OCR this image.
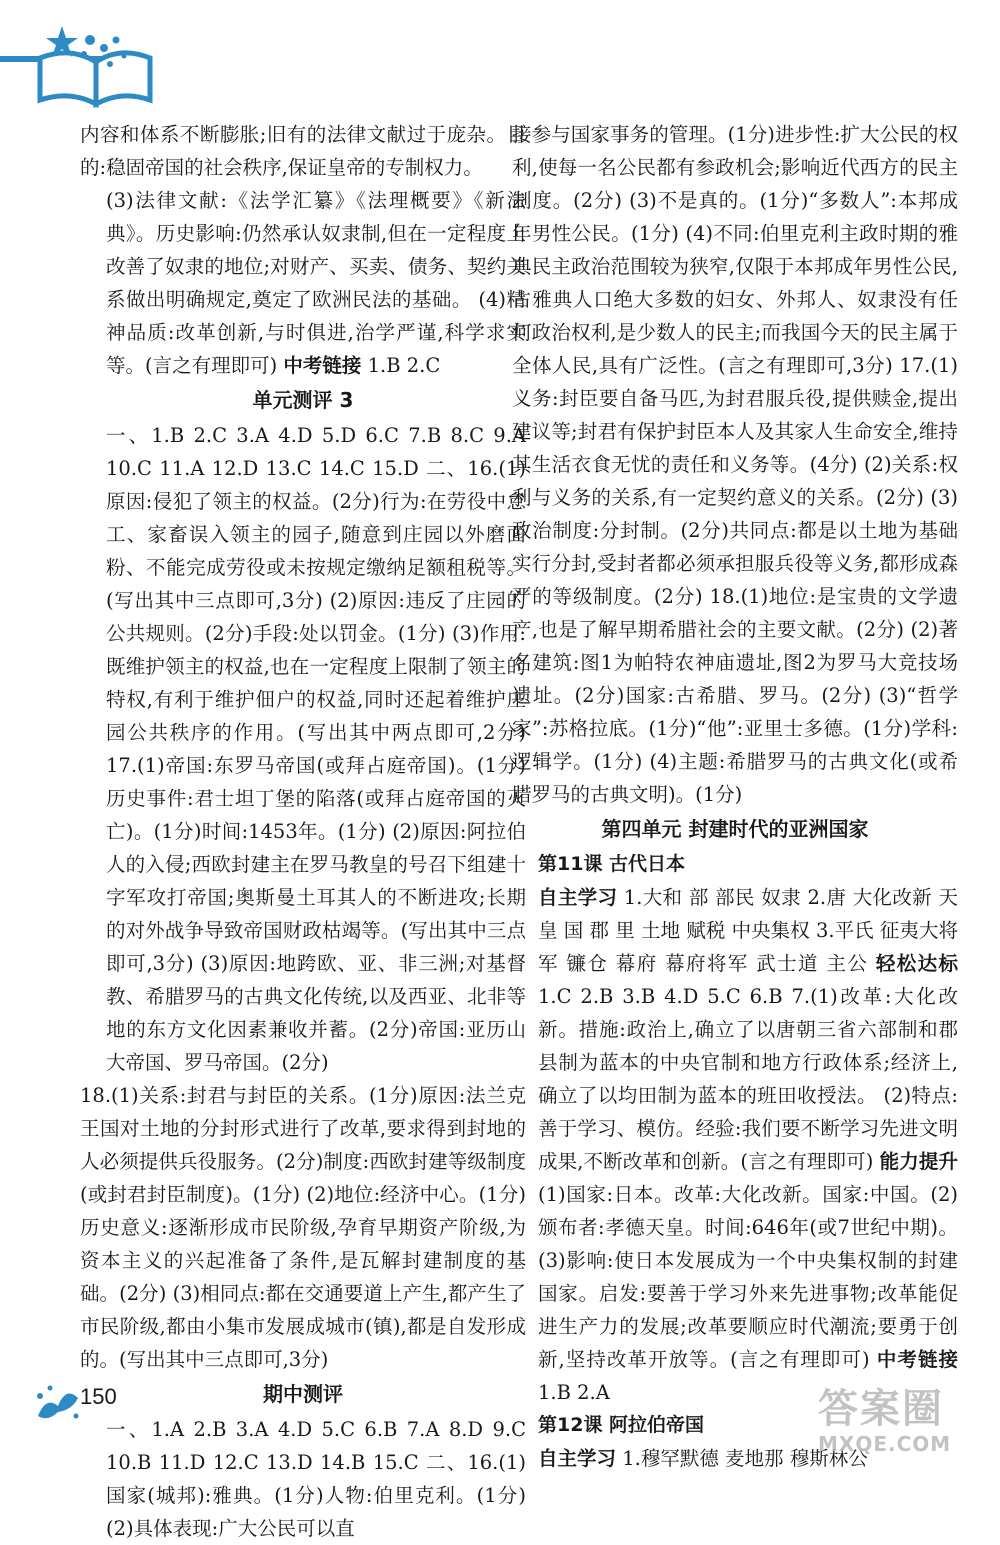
内容和体系不断膨胀;旧有的法律文献过于庞杂。目的:稳固帝国的社会秩序,保证皇帝的专制权力。

(3)法律文献:《法学汇纂》《法理概要》《新法典》。历史影响:仍然承认奴隶制,但在一定程度上改善了奴隶的地位;对财产、买卖、债务、契约关系做出明确规定,奠定了欧洲民法的基础。 (4)精神品质:改革创新,与时俱进,治学严谨,科学求实等。(言之有理即可) 中考链接 1.B 2.C

单元测评 3

一、1.B 2.C 3.A 4.D 5.D 6.C 7.B 8.C 9.A 10.C 11.A 12.D 13.C 14.C 15.D 二、16.(1)原因:侵犯了领主的权益。(2分)行为:在劳役中怠工、家畜误入领主的园子,随意到庄园以外磨面粉、不能完成劳役或未按规定缴纳足额租税等。(写出其中三点即可,3分) (2)原因:违反了庄园的公共规则。(2分)手段:处以罚金。(1分) (3)作用:既维护领主的权益,也在一定程度上限制了领主的特权,有利于维护佃户的权益,同时还起着维护庄园公共秩序的作用。(写出其中两点即可,2分) 17.(1)帝国:东罗马帝国(或拜占庭帝国)。(1分)历史事件:君士坦丁堡的陷落(或拜占庭帝国的灭亡)。(1分)时间:1453年。(1分) (2)原因:阿拉伯人的入侵;西欧封建主在罗马教皇的号召下组建十字军攻打帝国;奥斯曼土耳其人的不断进攻;长期的对外战争导致帝国财政枯竭等。(写出其中三点即可,3分) (3)原因:地跨欧、亚、非三洲;对基督教、希腊罗马的古典文化传统,以及西亚、北非等地的东方文化因素兼收并蓄。(2分)帝国:亚历山大帝国、罗马帝国。(2分)

18.(1)关系:封君与封臣的关系。(1分)原因:法兰克王国对土地的分封形式进行了改革,要求得到封地的人必须提供兵役服务。(2分)制度:西欧封建等级制度(或封君封臣制度)。(1分) (2)地位:经济中心。(1分)历史意义:逐渐形成市民阶级,孕育早期资产阶级,为资本主义的兴起准备了条件,是瓦解封建制度的基础。(2分) (3)相同点:都在交通要道上产生,都产生了市民阶级,都由小集市发展成城市(镇),都是自发形成的。(写出其中三点即可,3分)

期中测评

一、1.A 2.B 3.A 4.D 5.C 6.B 7.A 8.D 9.C 10.B 11.D 12.C 13.D 14.B 15.C 二、16.(1)国家(城邦):雅典。(1分)人物:伯里克利。(1分) (2)具体表现:广大公民可以直

接参与国家事务的管理。(1分)进步性:扩大公民的权利,使每一名公民都有参政机会;影响近代西方的民主制度。(2分) (3)不是真的。(1分)“多数人”:本邦成年男性公民。(1分) (4)不同:伯里克利主政时期的雅典民主政治范围较为狭窄,仅限于本邦成年男性公民,占雅典人口绝大多数的妇女、外邦人、奴隶没有任何政治权利,是少数人的民主;而我国今天的民主属于全体人民,具有广泛性。(言之有理即可,3分) 17.(1)义务:封臣要自备马匹,为封君服兵役,提供赎金,提出建议等;封君有保护封臣本人及其家人生命安全,维持其生活衣食无忧的责任和义务等。(4分) (2)关系:权利与义务的关系,有一定契约意义的关系。(2分) (3)政治制度:分封制。(2分)共同点:都是以土地为基础实行分封,受封者都必须承担服兵役等义务,都形成森严的等级制度。(2分) 18.(1)地位:是宝贵的文学遗产,也是了解早期希腊社会的主要文献。(2分) (2)著名建筑:图1为帕特农神庙遗址,图2为罗马大竞技场遗址。(2分)国家:古希腊、罗马。(2分) (3)“哲学家”:苏格拉底。(1分)“他”:亚里士多德。(1分)学科:逻辑学。(1分) (4)主题:希腊罗马的古典文化(或希腊罗马的古典文明)。(1分)

第四单元 封建时代的亚洲国家
第11课 古代日本

自主学习 1.大和 部 部民 奴隶 2.唐 大化改新 天皇 国 郡 里 土地 赋税 中央集权 3.平氏 征夷大将军 镰仓 幕府 幕府将军 武士道 主公 轻松达标 1.C 2.B 3.B 4.D 5.C 6.B 7.(1)改革:大化改新。措施:政治上,确立了以唐朝三省六部制和郡县制为蓝本的中央官制和地方行政体系;经济上,确立了以均田制为蓝本的班田收授法。 (2)特点:善于学习、模仿。经验:我们要不断学习先进文明成果,不断改革和创新。(言之有理即可) 能力提升 (1)国家:日本。改革:大化改新。国家:中国。(2)颁布者:孝德天皇。时间:646年(或7世纪中期)。 (3)影响:使日本发展成为一个中央集权制的封建国家。启发:要善于学习外来先进事物;改革能促进生产力的发展;改革要顺应时代潮流;要勇于创新,坚持改革开放等。(言之有理即可) 中考链接 1.B 2.A

第12课 阿拉伯帝国

自主学习 1.穆罕默德 麦地那 穆斯林公

150	答案圈
MXQE.COM
